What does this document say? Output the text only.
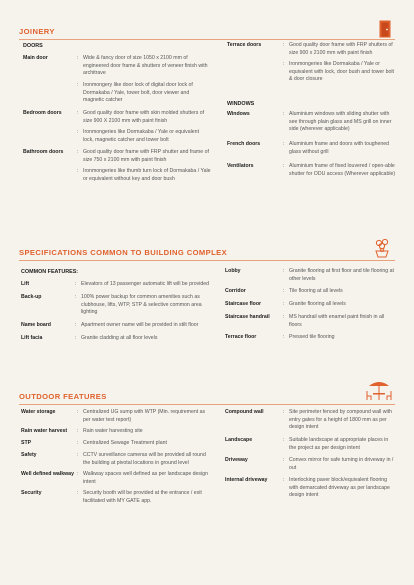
JOINERY
DOORS
WINDOWS
Main door	: Wide & fancy door of size 1050 x 2100 mm of engineered door frame & shutters of veneer finish with architrave
: Ironmongery like door lock of digital door lock of Dormakaba / Yale, tower bolt, door viewer and magnetic catcher
Bedroom doors	: Good quality door frame with skin molded shutters of size 900 X 2100 mm with paint finish
: Ironmongeries like Dormakaba / Yale or equivalent lock, magnetic catcher and tower bolt
Bathroom doors	: Good quality door frame with FRP shutter and frame of size 750 x 2100 mm with paint finish
: Ironmongeries like thumb turn lock of Dormakaba / Yale or equivalent without key and door bush
Terrace doors	: Good quality door frame with FRP shutters of size 900 x 2100 mm with paint finish
: Ironmongeries like Dormakaba / Yale or equivalent with lock, door bush and tower bolt & door closure
Windows	: Aluminium windows with sliding shutter with see through plain glass and MS grill on inner side (wherever applicable)
French doors	: Aluminium frame and doors with toughened glass without grill
Ventilators	: Aluminium frame of fixed louvered / open-able shutter for ODU access (Wherever applicable)
SPECIFICATIONS COMMON TO BUILDING COMPLEX
COMMON FEATURES:
Lift	: Elevators of 13 passenger automatic lift will be provided
Back-up	: 100% power backup for common amenities such as clubhouse, lifts, WTP, STP & selective common area lighting
Name board	: Apartment owner name will be provided in stilt floor
Lift facia	: Granite cladding at all floor levels
Lobby	: Granite flooring at first floor and tile flooring at other levels
Corridor	: Tile flooring at all levels
Staircase floor	: Granite flooring all levels
Staircase handrail	: MS handrail with enamel paint finish in all floors
Terrace floor	: Pressed tile flooring
OUTDOOR FEATURES
Water storage	: Centralized UG sump with WTP (Min. requirement as per water test report)
Rain water harvest	: Rain water harvesting site
STP	: Centralized Sewage Treatment plant
Safety	: CCTV surveillance cameras will be provided all round the building at pivotal locations in ground level
Well defined walkway : Walkway spaces well defined as per landscape design intent
Security	: Security booth will be provided at the entrance / exit facilitated with MY GATE app.
Compound wall	: Site perimeter fenced by compound wall with entry gates for a height of 1800 mm as per design intent
Landscape	: Suitable landscape at appropriate places in the project as per design intent
Driveway	: Convex mirror for safe turning in driveway in / out
Internal driveway	: Interlocking paver block/equivalent flooring with demarcated driveway as per landscape design intent
